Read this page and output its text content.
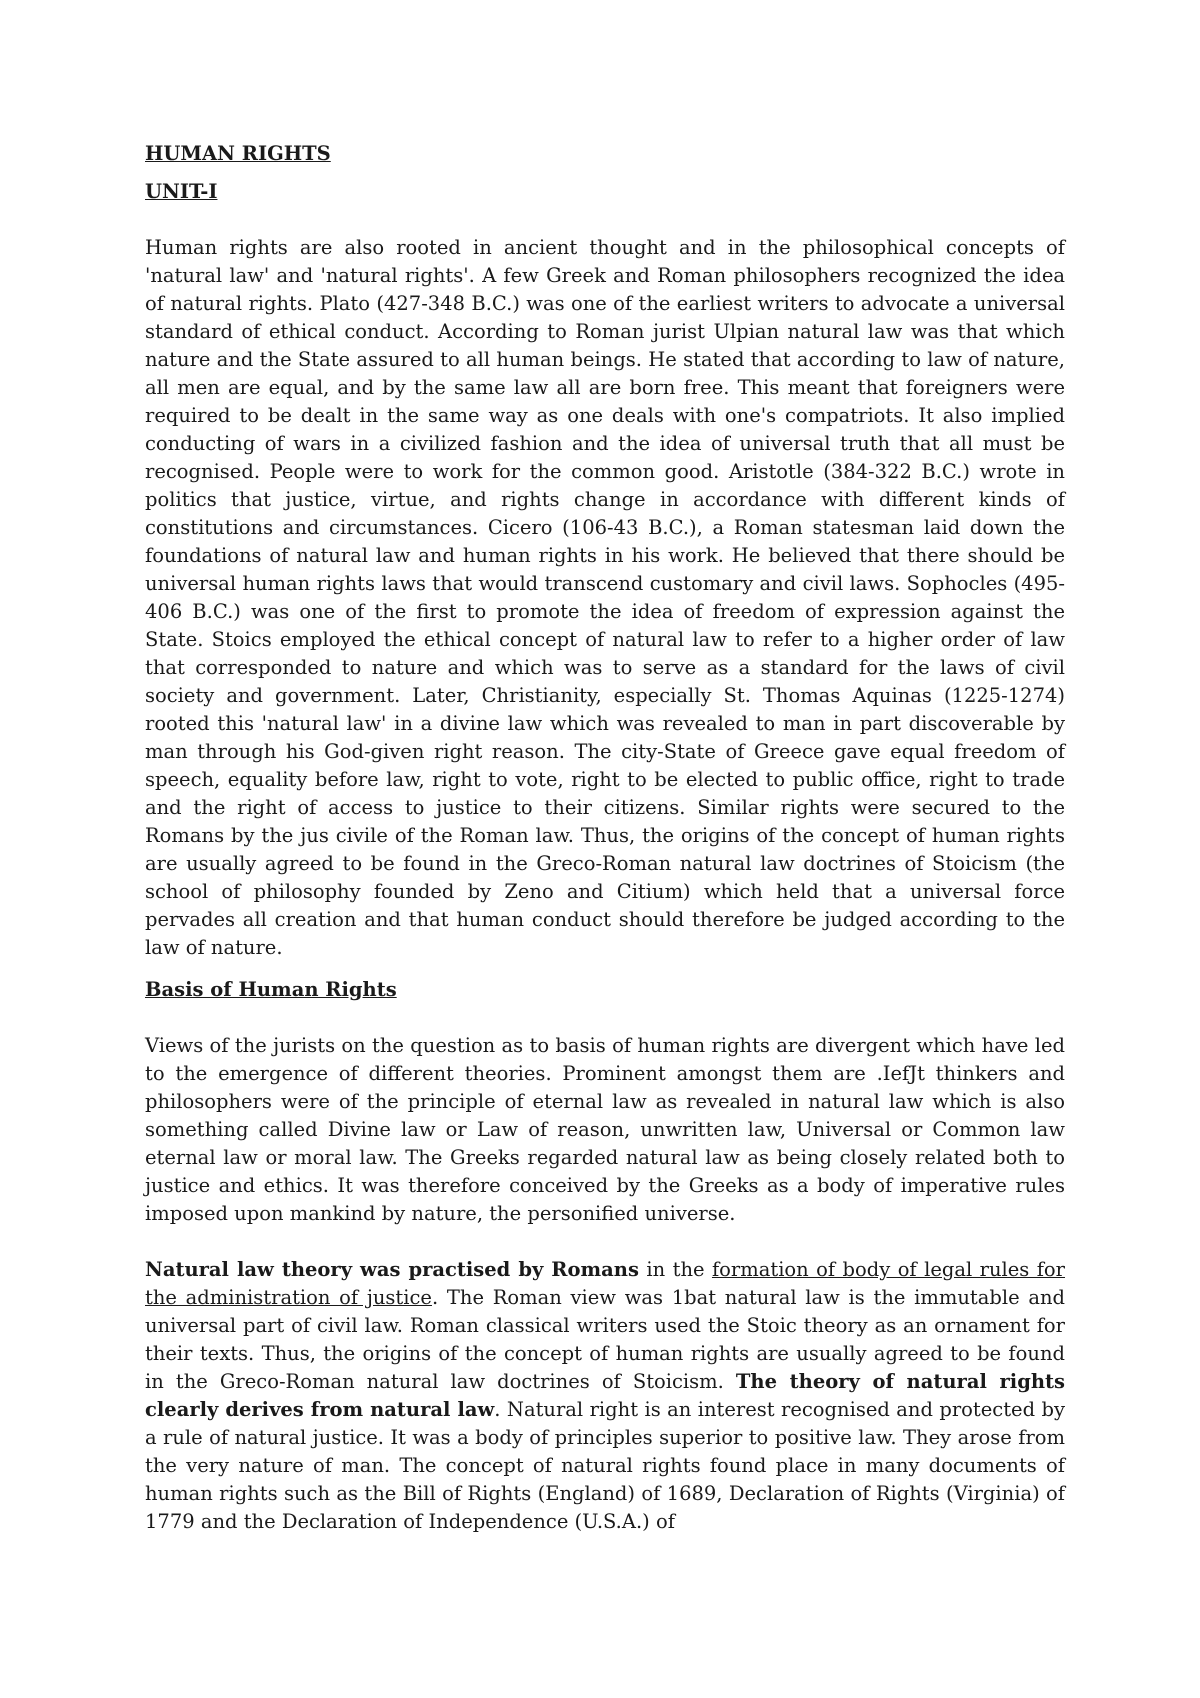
HUMAN RIGHTS

UNIT-I

Human rights are also rooted in ancient thought and in the philosophical concepts of 'natural law' and 'natural rights'. A few Greek and Roman philosophers recognized the idea of natural rights. Plato (427-348 B.C.) was one of the earliest writers to advocate a universal standard of ethical conduct. According to Roman jurist Ulpian natural law was that which nature and the State assured to all human beings. He stated that according to law of nature, all men are equal, and by the same law all are born free. This meant that foreigners were required to be dealt in the same way as one deals with one's compatriots. It also implied conducting of wars in a civilized fashion and the idea of universal truth that all must be recognised. People were to work for the common good. Aristotle (384-322 B.C.) wrote in politics that justice, virtue, and rights change in accordance with different kinds of constitutions and circumstances. Cicero (106-43 B.C.), a Roman statesman laid down the foundations of natural law and human rights in his work. He believed that there should be universal human rights laws that would transcend customary and civil laws. Sophocles (495-406 B.C.) was one of the first to promote the idea of freedom of expression against the State. Stoics employed the ethical concept of natural law to refer to a higher order of law that corresponded to nature and which was to serve as a standard for the laws of civil society and government. Later, Christianity, especially St. Thomas Aquinas (1225-1274) rooted this 'natural law' in a divine law which was revealed to man in part discoverable by man through his God-given right reason. The city-State of Greece gave equal freedom of speech, equality before law, right to vote, right to be elected to public office, right to trade and the right of access to justice to their citizens. Similar rights were secured to the Romans by the jus civile of the Roman law. Thus, the origins of the concept of human rights are usually agreed to be found in the Greco-Roman natural law doctrines of Stoicism (the school of philosophy founded by Zeno and Citium) which held that a universal force pervades all creation and that human conduct should therefore be judged according to the law of nature.

Basis of Human Rights

Views of the jurists on the question as to basis of human rights are divergent which have led to the emergence of different theories. Prominent amongst them are .IefJt thinkers and philosophers were of the principle of eternal law as revealed in natural law which is also something called Divine law or Law of reason, unwritten law, Universal or Common law eternal law or moral law. The Greeks regarded natural law as being closely related both to justice and ethics. It was therefore conceived by the Greeks as a body of imperative rules imposed upon mankind by nature, the personified universe.

Natural law theory was practised by Romans in the formation of body of legal rules for the administration of justice. The Roman view was 1bat natural law is the immutable and universal part of civil law. Roman classical writers used the Stoic theory as an ornament for their texts. Thus, the origins of the concept of human rights are usually agreed to be found in the Greco-Roman natural law doctrines of Stoicism. The theory of natural rights clearly derives from natural law. Natural right is an interest recognised and protected by a rule of natural justice. It was a body of principles superior to positive law. They arose from the very nature of man. The concept of natural rights found place in many documents of human rights such as the Bill of Rights (England) of 1689, Declaration of Rights (Virginia) of 1779 and the Declaration of Independence (U.S.A.) of
